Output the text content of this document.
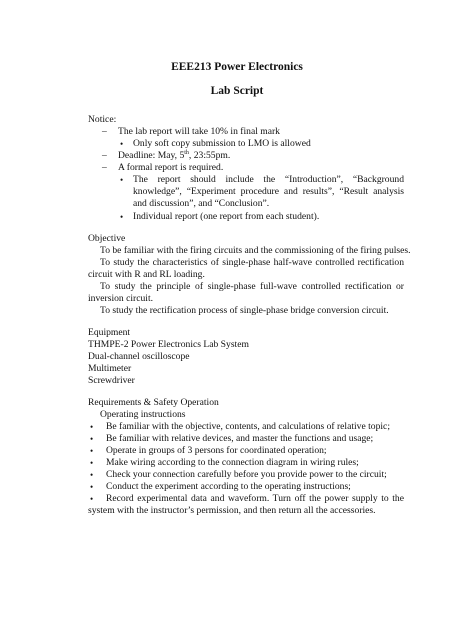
EEE213 Power Electronics
Lab Script
Notice:
– The lab report will take 10% in final mark
• Only soft copy submission to LMO is allowed
– Deadline: May, 5th, 23:55pm.
– A formal report is required.
• The report should include the “Introduction”, “Background knowledge”, “Experiment procedure and results”, “Result analysis and discussion”, and “Conclusion”.
• Individual report (one report from each student).
Objective
To be familiar with the firing circuits and the commissioning of the firing pulses.
To study the characteristics of single-phase half-wave controlled rectification circuit with R and RL loading.
To study the principle of single-phase full-wave controlled rectification or inversion circuit.
To study the rectification process of single-phase bridge conversion circuit.
Equipment
THMPE-2 Power Electronics Lab System
Dual-channel oscilloscope
Multimeter
Screwdriver
Requirements & Safety Operation
Operating instructions
• Be familiar with the objective, contents, and calculations of relative topic;
• Be familiar with relative devices, and master the functions and usage;
• Operate in groups of 3 persons for coordinated operation;
• Make wiring according to the connection diagram in wiring rules;
• Check your connection carefully before you provide power to the circuit;
• Conduct the experiment according to the operating instructions;
•	Record experimental data and waveform. Turn off the power supply to the system with the instructor’s permission, and then return all the accessories.
